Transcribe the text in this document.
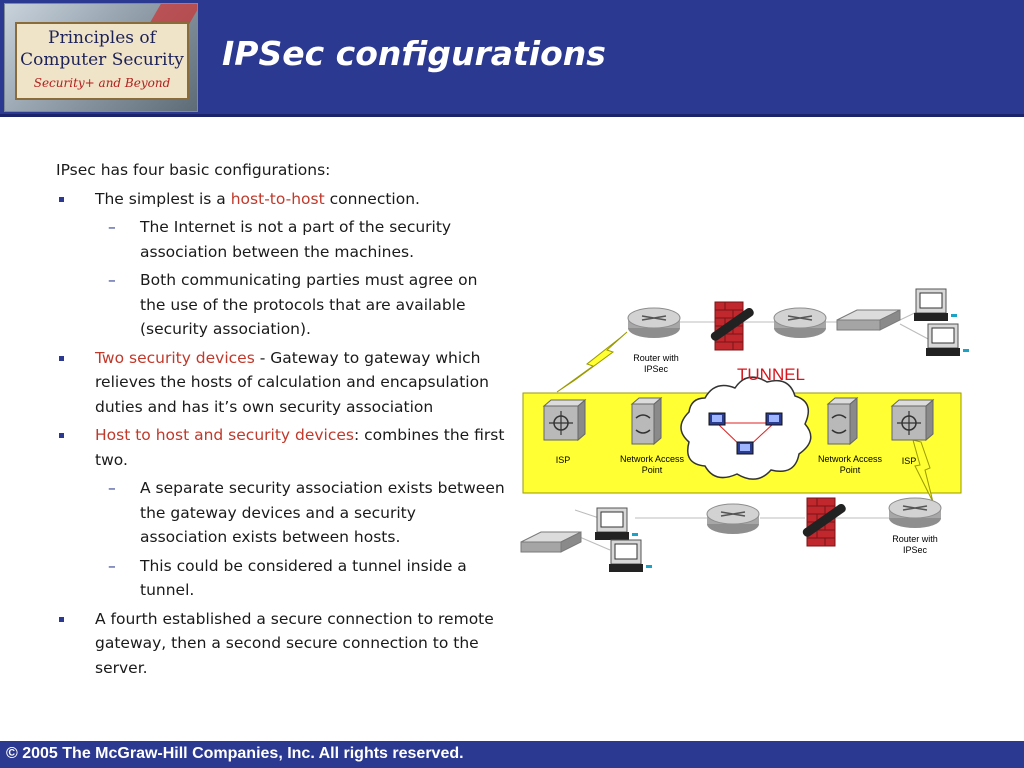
Principles of
Computer Security
Security+ and Beyond
IPSec configurations

IPsec has four basic configurations:

The simplest is a host-to-host connection.

– The Internet is not a part of the security association between the machines.

– Both communicating parties must agree on the use of the protocols that are available (security association).

Two security devices - Gateway to gateway which relieves the hosts of calculation and encapsulation duties and has it’s own security association

Host to host and security devices: combines the first two.

– A separate security association exists between the gateway devices and a security association exists between hosts.

– This could be considered a tunnel inside a tunnel.

A fourth established a secure connection to remote gateway, then a second secure connection to the server.

Router with IPSec	TUNNEL
ISP	Network Access Point
Network Access Point
ISP
Router with IPSec
© 2005 The McGraw-Hill Companies, Inc. All rights reserved.
